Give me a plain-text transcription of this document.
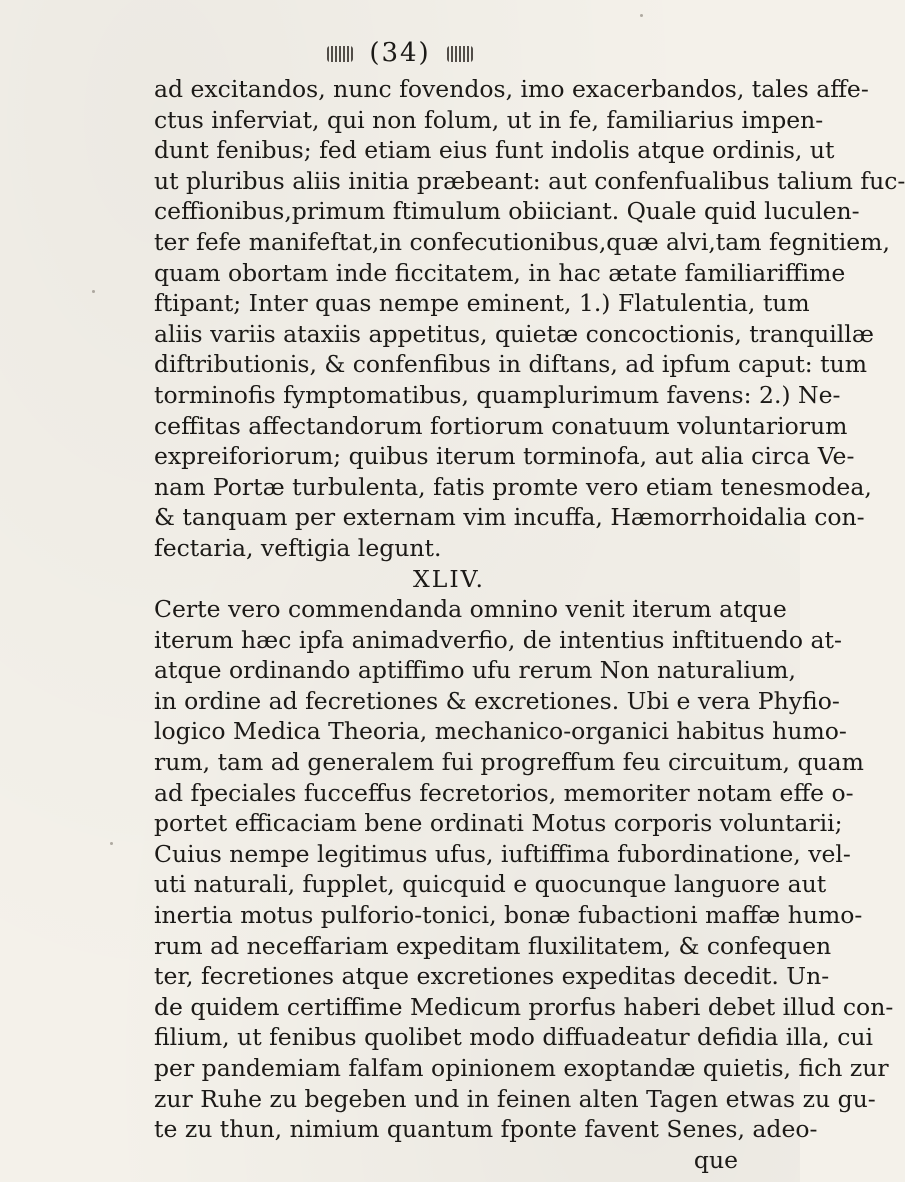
(34)
ad excitandos, nunc fovendos, imo exacerbandos, tales affe-
ctus inferviat, qui non folum, ut in fe, familiarius impen-
dunt fenibus; fed etiam eius funt indolis atque ordinis, ut
ut pluribus aliis initia præbeant: aut confenfualibus talium fuc-
ceffionibus,primum ftimulum obiiciant. Quale quid luculen-
ter fefe manifeftat,in confecutionibus,quæ alvi,tam fegnitiem,
quam obortam inde ficcitatem, in hac ætate familiariffime
ftipant; Inter quas nempe eminent, 1.) Flatulentia, tum
aliis variis ataxiis appetitus, quietæ concoctionis, tranquillæ
diftributionis, & confenfibus in diftans, ad ipfum caput: tum
torminofis fymptomatibus, quamplurimum favens: 2.) Ne-
ceffitas affectandorum fortiorum conatuum voluntariorum
expreiforiorum; quibus iterum torminofa, aut alia circa Ve-
nam Portæ turbulenta, fatis promte vero etiam tenesmodea,
& tanquam per externam vim incuffa, Hæmorrhoidalia con-
fectaria, veftigia legunt.
XLIV.
Certe vero commendanda omnino venit iterum atque
iterum hæc ipfa animadverfio, de intentius inftituendo at-
atque ordinando aptiffimo ufu rerum Non naturalium,
in ordine ad fecretiones & excretiones. Ubi e vera Phyfio-
logico Medica Theoria, mechanico-organici habitus humo-
rum, tam ad generalem fui progreffum feu circuitum, quam
ad fpeciales fucceffus fecretorios, memoriter notam effe o-
portet efficaciam bene ordinati Motus corporis voluntarii;
Cuius nempe legitimus ufus, iuftiffima fubordinatione, vel-
uti naturali, fupplet, quicquid e quocunque languore aut
inertia motus pulforio-tonici, bonæ fubactioni maffæ humo-
rum ad neceffariam expeditam fluxilitatem, & confequen
ter, fecretiones atque excretiones expeditas decedit. Un-
de quidem certiffime Medicum prorfus haberi debet illud con-
filium, ut fenibus quolibet modo diffuadeatur defidia illa, cui
per pandemiam falfam opinionem exoptandæ quietis, fich zur
zur Ruhe zu begeben und in feinen alten Tagen etwas zu gu-
te zu thun, nimium quantum fponte favent Senes, adeo-
que
